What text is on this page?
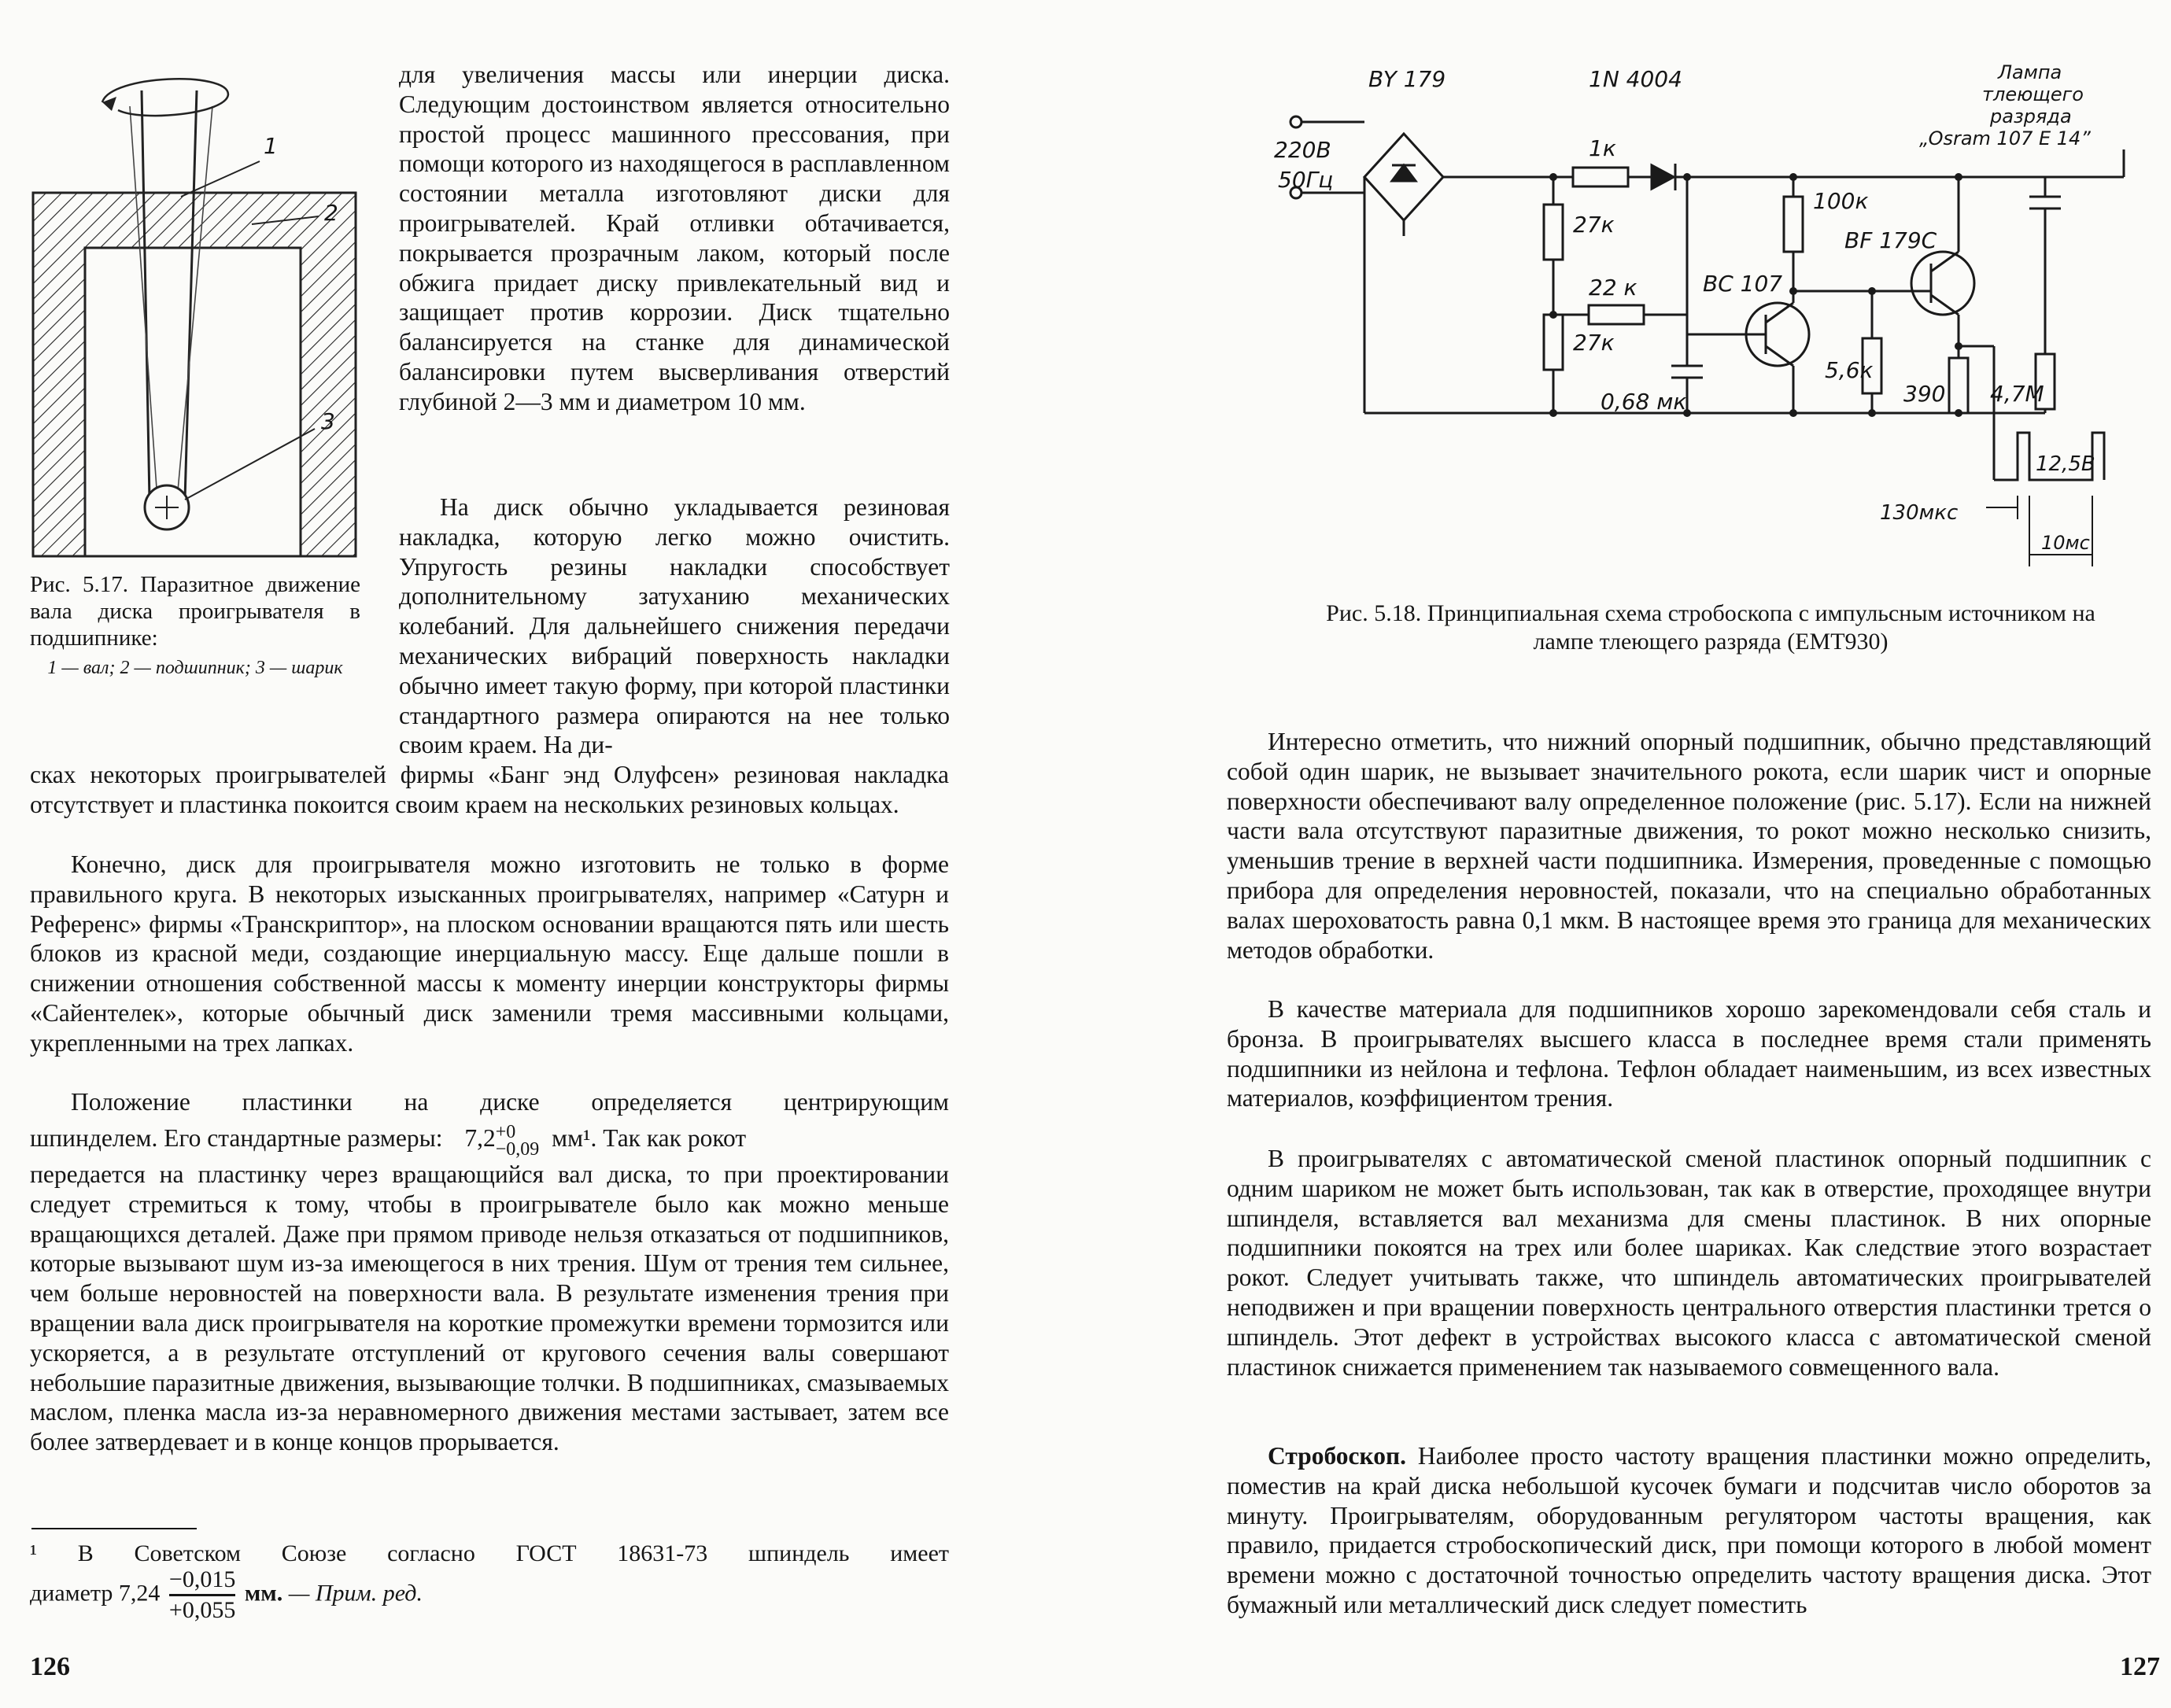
1
2
3
Рис. 5.17. Паразитное движение вала диска проигрывателя в подшипнике:
1 — вал; 2 — подшипник; 3 — шарик

для увеличения массы или инерции диска. Следующим достоинством является относительно простой процесс машинного прессования, при помощи которого из находящегося в расплавленном состоянии металла изготовляют диски для проигрывателей. Край отливки обтачивается, покрывается прозрачным лаком, который после обжига придает диску привлекательный вид и защищает против коррозии. Диск тщательно балансируется на станке для динамической балансировки путем высверливания отверстий глубиной 2—3 мм и диаметром 10 мм.

На диск обычно укладывается резиновая накладка, которую легко можно очистить. Упругость резины накладки способствует дополнительному затуханию механических колебаний. Для дальнейшего снижения передачи механических вибраций поверхность накладки обычно имеет такую форму, при которой пластинки стандартного размера опираются на нее только своим краем. На ди-

сках некоторых проигрывателей фирмы «Банг энд Олуфсен» резиновая накладка отсутствует и пластинка покоится своим краем на нескольких резиновых кольцах.

Конечно, диск для проигрывателя можно изготовить не только в форме правильного круга. В некоторых изысканных проигрывателях, например «Сатурн и Референс» фирмы «Транскриптор», на плоском основании вращаются пять или шесть блоков из красной меди, создающие инерциальную массу. Еще дальше пошли в снижении отношения собственной массы к моменту инерции конструкторы фирмы «Сайентелек», которые обычный диск заменили тремя массивными кольцами, укрепленными на трех лапках.

Положение пластинки на диске определяется центрирующим

шпинделем. Его стандартные размеры: 7,2 +0
−0,09 мм¹. Так как рокот

передается на пластинку через вращающийся вал диска, то при проектировании следует стремиться к тому, чтобы в проигрывателе было как можно меньше вращающихся деталей. Даже при прямом приводе нельзя отказаться от подшипников, которые вызывают шум из-за имеющегося в них трения. Шум от трения тем сильнее, чем больше неровностей на поверхности вала. В результате изменения трения при вращении вала диск проигрывателя на короткие промежутки времени тормозится или ускоряется, а в результате отступлений от кругового сечения валы совершают небольшие паразитные движения, вызывающие толчки. В подшипниках, смазываемых маслом, пленка масла из-за неравномерного движения местами застывает, затем все более затвердевает и в конце концов прорывается.

¹ В Советском Союзе согласно ГОСТ 18631-73 шпиндель имеет

диаметр $7,24 \frac{-0,015}{+0,055}$ мм. — Прим. ред.
126
BY 179	1N 4004	Лампа
тлеющего
разряда
„Osram 107 E 14”
220В
50Гц
1к
27к
27к
22 к
0,68 мк
100к
BC 107
BF 179C
5,6к
390 4,7М
12,5В
130мкс
10мс

Рис. 5.18. Принципиальная схема стробоскопа с импульсным источником на лампе тлеющего разряда (ЕМТ930)

Интересно отметить, что нижний опорный подшипник, обычно представляющий собой один шарик, не вызывает значительного рокота, если шарик чист и опорные поверхности обеспечивают валу определенное положение (рис. 5.17). Если на нижней части вала отсутствуют паразитные движения, то рокот можно несколько снизить, уменьшив трение в верхней части подшипника. Измерения, проведенные с помощью прибора для определения неровностей, показали, что на специально обработанных валах шероховатость равна 0,1 мкм. В настоящее время это граница для механических методов обработки.

В качестве материала для подшипников хорошо зарекомендовали себя сталь и бронза. В проигрывателях высшего класса в последнее время стали применять подшипники из нейлона и тефлона. Тефлон обладает наименьшим, из всех известных материалов, коэффициентом трения.

В проигрывателях с автоматической сменой пластинок опорный подшипник с одним шариком не может быть использован, так как в отверстие, проходящее внутри шпинделя, вставляется вал механизма для смены пластинок. В них опорные подшипники покоятся на трех или более шариках. Как следствие этого возрастает рокот. Следует учитывать также, что шпиндель автоматических проигрывателей неподвижен и при вращении поверхность центрального отверстия пластинки трется о шпиндель. Этот дефект в устройствах высокого класса с автоматической сменой пластинок снижается применением так называемого совмещенного вала.

Стробоскоп. Наиболее просто частоту вращения пластинки можно определить, поместив на край диска небольшой кусочек бумаги и подсчитав число оборотов за минуту. Проигрывателям, оборудованным регулятором частоты вращения, как правило, придается стробоскопический диск, при помощи которого в любой момент времени можно с достаточной точностью определить частоту вращения диска. Этот бумажный или металлический диск следует поместить

127
